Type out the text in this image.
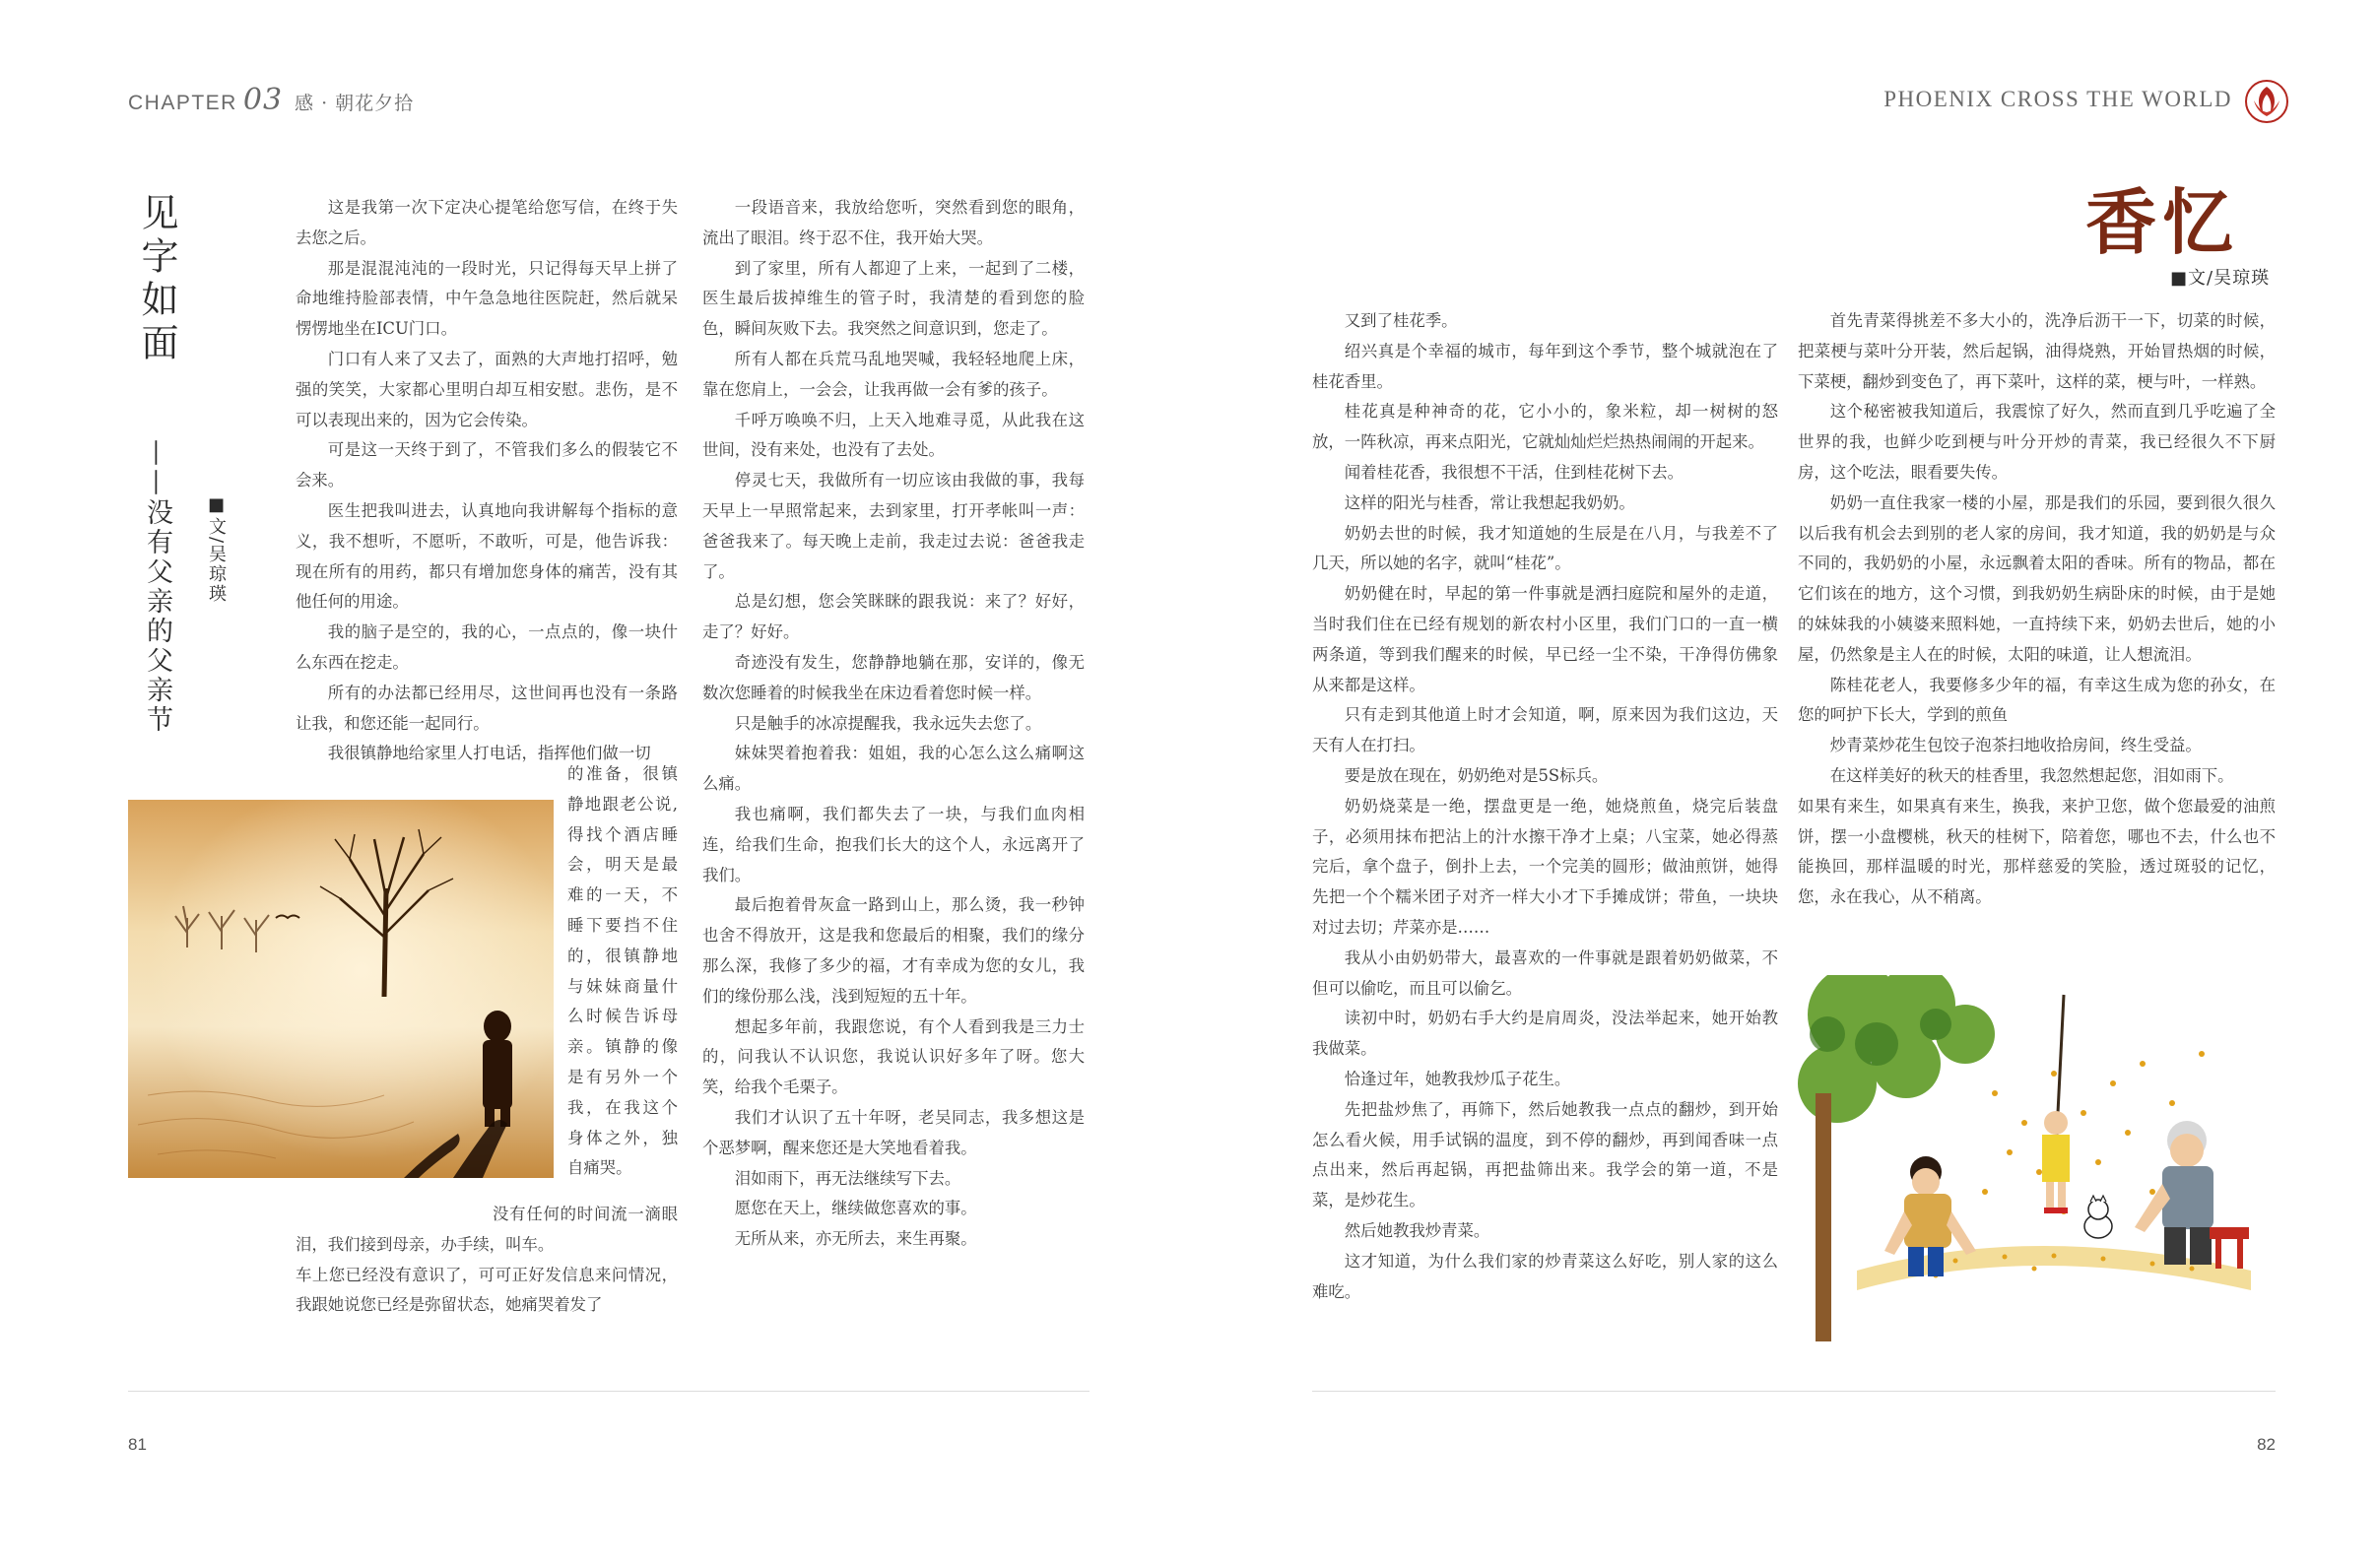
CHAPTER 03 感 · 朝花夕拾
见字如面
——没有父亲的父亲节 ■文/吴琼瑛

这是我第一次下定决心提笔给您写信，在终于失去您之后。

那是混混沌沌的一段时光，只记得每天早上拼了命地维持脸部表情，中午急急地往医院赶，然后就呆愣愣地坐在ICU门口。

门口有人来了又去了，面熟的大声地打招呼，勉强的笑笑，大家都心里明白却互相安慰。悲伤，是不可以表现出来的，因为它会传染。

可是这一天终于到了，不管我们多么的假装它不会来。

医生把我叫进去，认真地向我讲解每个指标的意义，我不想听，不愿听，不敢听，可是，他告诉我：现在所有的用药，都只有增加您身体的痛苦，没有其他任何的用途。

我的脑子是空的，我的心，一点点的，像一块什么东西在挖走。

所有的办法都已经用尽，这世间再也没有一条路让我，和您还能一起同行。

我很镇静地给家里人打电话，指挥他们做一切

的准备，很镇静地跟老公说,得找个酒店睡会，明天是最难的一天，不睡下要挡不住的，很镇静地与妹妹商量什么时候告诉母亲。镇静的像是有另外一个我，在我这个身体之外，独自痛哭。

没有任何的时间流一滴眼泪，我们接到母亲，办手续，叫车。

车上您已经没有意识了，可可正好发信息来问情况，我跟她说您已经是弥留状态，她痛哭着发了

一段语音来，我放给您听，突然看到您的眼角，流出了眼泪。终于忍不住，我开始大哭。

到了家里，所有人都迎了上来，一起到了二楼，医生最后拔掉维生的管子时，我清楚的看到您的脸色，瞬间灰败下去。我突然之间意识到，您走了。

所有人都在兵荒马乱地哭喊，我轻轻地爬上床，靠在您肩上，一会会，让我再做一会有爹的孩子。

千呼万唤唤不归，上天入地难寻觅，从此我在这世间，没有来处，也没有了去处。

停灵七天，我做所有一切应该由我做的事，我每天早上一早照常起来，去到家里，打开孝帐叫一声：爸爸我来了。每天晚上走前，我走过去说：爸爸我走了。

总是幻想，您会笑眯眯的跟我说：来了？好好，走了？好好。

奇迹没有发生，您静静地躺在那，安详的，像无数次您睡着的时候我坐在床边看着您时候一样。

只是触手的冰凉提醒我，我永远失去您了。

妹妹哭着抱着我：姐姐，我的心怎么这么痛啊这么痛。

我也痛啊，我们都失去了一块，与我们血肉相连，给我们生命，抱我们长大的这个人，永远离开了我们。

最后抱着骨灰盒一路到山上，那么烫，我一秒钟也舍不得放开，这是我和您最后的相聚，我们的缘分那么深，我修了多少的福，才有幸成为您的女儿，我们的缘份那么浅，浅到短短的五十年。

想起多年前，我跟您说，有个人看到我是三力士的，问我认不认识您，我说认识好多年了呀。您大笑，给我个毛栗子。

我们才认识了五十年呀，老吴同志，我多想这是个恶梦啊，醒来您还是大笑地看着我。

泪如雨下，再无法继续写下去。

愿您在天上，继续做您喜欢的事。

无所从来，亦无所去，来生再聚。

81
PHOENIX CROSS THE WORLD
香忆
■文/吴琼瑛

又到了桂花季。

绍兴真是个幸福的城市，每年到这个季节，整个城就泡在了桂花香里。

桂花真是种神奇的花，它小小的，象米粒，却一树树的怒放，一阵秋凉，再来点阳光，它就灿灿烂烂热热闹闹的开起来。

闻着桂花香，我很想不干活，住到桂花树下去。

这样的阳光与桂香，常让我想起我奶奶。

奶奶去世的时候，我才知道她的生辰是在八月，与我差不了几天，所以她的名字，就叫“桂花”。

奶奶健在时，早起的第一件事就是洒扫庭院和屋外的走道，当时我们住在已经有规划的新农村小区里，我们门口的一直一横两条道，等到我们醒来的时候，早已经一尘不染，干净得仿佛象从来都是这样。

只有走到其他道上时才会知道，啊，原来因为我们这边，天天有人在打扫。

要是放在现在，奶奶绝对是5S标兵。

奶奶烧菜是一绝，摆盘更是一绝，她烧煎鱼，烧完后装盘子，必须用抹布把沾上的汁水擦干净才上桌；八宝菜，她必得蒸完后，拿个盘子，倒扑上去，一个完美的圆形；做油煎饼，她得先把一个个糯米团子对齐一样大小才下手摊成饼；带鱼，一块块对过去切；芹菜亦是……

我从小由奶奶带大，最喜欢的一件事就是跟着奶奶做菜，不但可以偷吃，而且可以偷乞。

读初中时，奶奶右手大约是肩周炎，没法举起来，她开始教我做菜。

恰逢过年，她教我炒瓜子花生。

先把盐炒焦了，再筛下，然后她教我一点点的翻炒，到开始怎么看火候，用手试锅的温度，到不停的翻炒，再到闻香味一点点出来，然后再起锅，再把盐筛出来。我学会的第一道，不是菜，是炒花生。

然后她教我炒青菜。

这才知道，为什么我们家的炒青菜这么好吃，别人家的这么难吃。

首先青菜得挑差不多大小的，洗净后沥干一下，切菜的时候，把菜梗与菜叶分开装，然后起锅，油得烧熟，开始冒热烟的时候，下菜梗，翻炒到变色了，再下菜叶，这样的菜，梗与叶，一样熟。

这个秘密被我知道后，我震惊了好久，然而直到几乎吃遍了全世界的我，也鲜少吃到梗与叶分开炒的青菜，我已经很久不下厨房，这个吃法，眼看要失传。

奶奶一直住我家一楼的小屋，那是我们的乐园，要到很久很久以后我有机会去到别的老人家的房间，我才知道，我的奶奶是与众不同的，我奶奶的小屋，永远飘着太阳的香味。所有的物品，都在它们该在的地方，这个习惯，到我奶奶生病卧床的时候，由于是她的妹妹我的小姨婆来照料她，一直持续下来，奶奶去世后，她的小屋，仍然象是主人在的时候，太阳的味道，让人想流泪。

陈桂花老人，我要修多少年的福，有幸这生成为您的孙女，在您的呵护下长大，学到的煎鱼

炒青菜炒花生包饺子泡茶扫地收拾房间，终生受益。

在这样美好的秋天的桂香里，我忽然想起您，泪如雨下。

如果有来生，如果真有来生，换我，来护卫您，做个您最爱的油煎饼，摆一小盘樱桃，秋天的桂树下，陪着您，哪也不去，什么也不能换回，那样温暖的时光，那样慈爱的笑脸，透过斑驳的记忆，您，永在我心，从不稍离。

82
